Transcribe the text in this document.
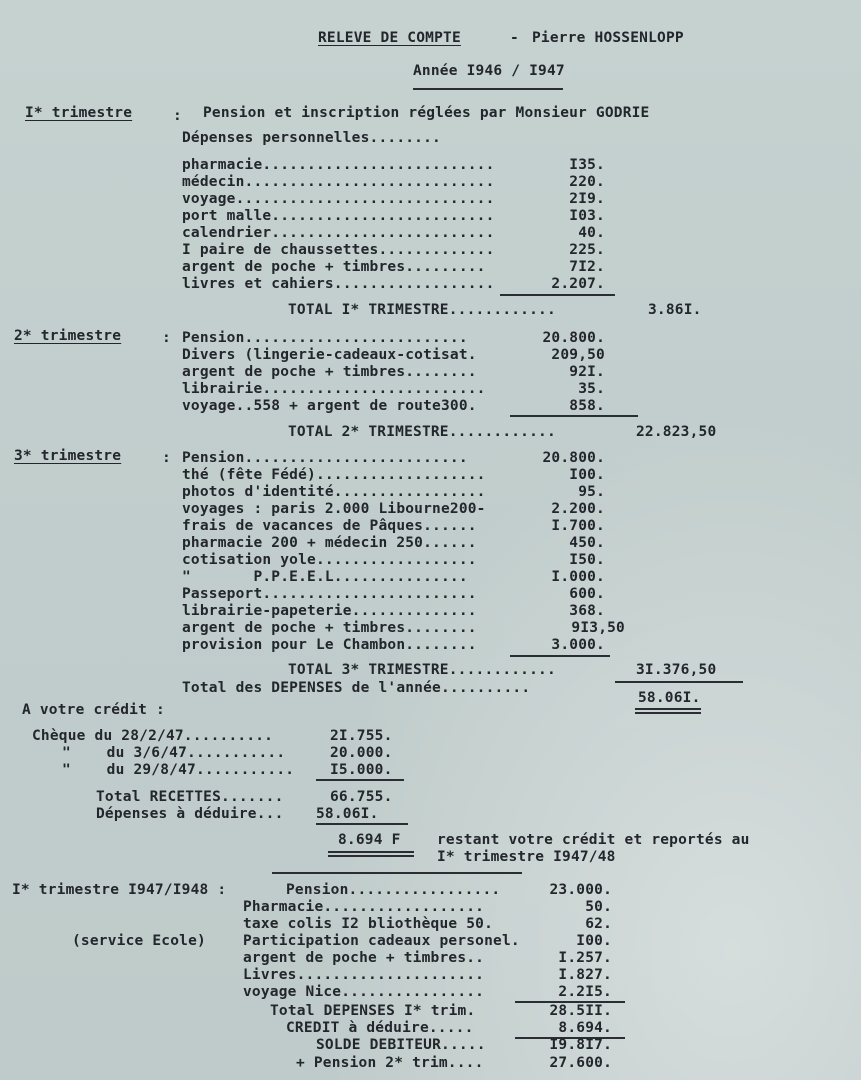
RELEVE DE COMPTE	- Pierre HOSSENLOPP
Année I946 / I947
I* trimestre	: Pension et inscription réglées par Monsieur GODRIE
Dépenses personnelles........
pharmacie..........................	I35.
médecin............................	220.
voyage.............................	2I9.
port malle.........................	I03.
calendrier.........................	40.
I paire de chaussettes.............	225.
argent de poche + timbres.........	7I2.
livres et cahiers..................	2.207.
TOTAL I* TRIMESTRE............	3.86I.
2* trimestre	: Pension.........................	20.800.
Divers (lingerie-cadeaux-cotisat.	209,50
argent de poche + timbres........	92I.
librairie.........................	35.
voyage..558 + argent de route300.	858.
TOTAL 2* TRIMESTRE............	22.823,50
3* trimestre	: Pension.........................	20.800.
thé (fête Fédé)...................	I00.
photos d'identité.................	95.
voyages : paris 2.000 Libourne200-	2.200.
frais de vacances de Pâques......	I.700.
pharmacie 200 + médecin 250......	450.
cotisation yole..................	I50.
"       P.P.E.E.L...............	I.000.
Passeport........................	600.
librairie-papeterie..............	368.
argent de poche + timbres........	9I3,50
provision pour Le Chambon........	3.000.
TOTAL 3* TRIMESTRE............	3I.376,50
Total des DEPENSES de l'année..........
58.06I.
A votre crédit :
Chèque du 28/2/47..........	2I.755.
"    du 3/6/47...........	20.000.
"    du 29/8/47........... I5.000.
Total RECETTES.......	66.755.
Dépenses à déduire... 58.06I.
8.694 F	restant votre crédit et reportés au
I* trimestre I947/48
I* trimestre I947/I948 :
(service Ecole)
Pension.................	23.000.
Pharmacie..................	50.
taxe colis I2 bliothèque 50.	62.
Participation cadeaux personel.	I00.
argent de poche + timbres..	I.257.
Livres.....................	I.827.
voyage Nice................	2.2I5.
Total DEPENSES I* trim.	28.5II.
CREDIT à déduire.....	8.694.
SOLDE DEBITEUR.....	I9.8I7.
+ Pension 2* trim....	27.600.
